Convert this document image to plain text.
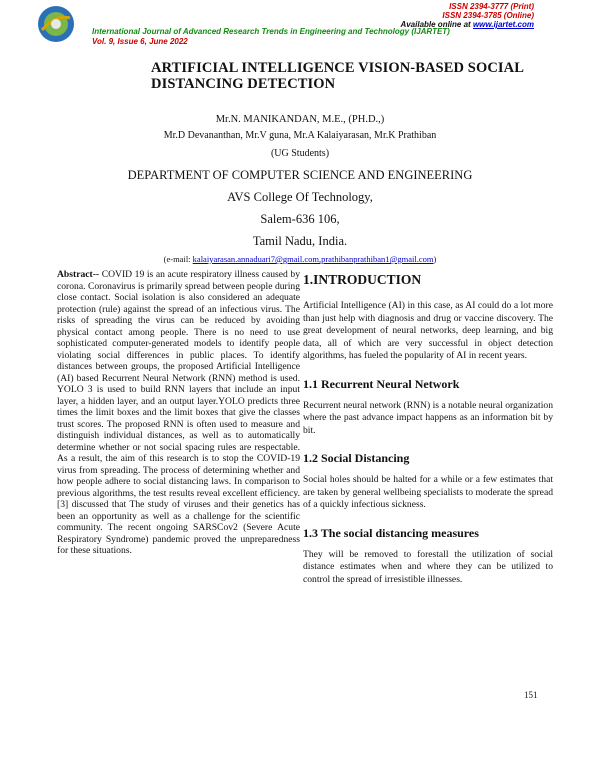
ISSN 2394-3777 (Print)
ISSN 2394-3785 (Online)
Available online at www.ijartet.com
International Journal of Advanced Research Trends in Engineering and Technology (IJARTET)
Vol. 9, Issue 6, June 2022
ARTIFICIAL INTELLIGENCE VISION-BASED SOCIAL DISTANCING DETECTION
Mr.N. MANIKANDAN, M.E., (PH.D.,)
Mr.D Devananthan, Mr.V guna, Mr.A Kalaiyarasan, Mr.K Prathiban
(UG Students)
DEPARTMENT OF COMPUTER SCIENCE AND ENGINEERING
AVS College Of Technology,
Salem-636 106,
Tamil Nadu, India.
(e-mail: kalaiyarasan.annaduari7@gmail.com,prathibanprathiban1@gmail.com)
Abstract-- COVID 19 is an acute respiratory illness caused by corona. Coronavirus is primarily spread between people during close contact. Social isolation is also considered an adequate protection (rule) against the spread of an infectious virus. The risks of spreading the virus can be reduced by avoiding physical contact among people. There is no need to use sophisticated computer-generated models to identify people violating social differences in public places. To identify distances between groups, the proposed Artificial Intelligence (AI) based Recurrent Neural Network (RNN) method is used. YOLO 3 is used to build RNN layers that include an input layer, a hidden layer, and an output layer.YOLO predicts three times the limit boxes and the limit boxes that give the classes trust scores. The proposed RNN is often used to measure and distinguish individual distances, as well as to automatically determine whether or not social spacing rules are respectable. As a result, the aim of this research is to stop the COVID-19 virus from spreading. The process of determining whether and how people adhere to social distancing laws. In comparison to previous algorithms, the test results reveal excellent efficiency. [3] discussed that The study of viruses and their genetics has been an opportunity as well as a challenge for the scientific community. The recent ongoing SARSCov2 (Severe Acute Respiratory Syndrome) pandemic proved the unpreparedness for these situations.
1.INTRODUCTION

Artificial Intelligence (AI) in this case, as AI could do a lot more than just help with diagnosis and drug or vaccine discovery. The great development of neural networks, deep learning, and big data, all of which are very successful in object detection algorithms, has fueled the popularity of AI in recent years.

1.1 Recurrent Neural Network

Recurrent neural network (RNN) is a notable neural organization where the past advance impact happens as an information bit by bit.

1.2 Social Distancing

Social holes should be halted for a while or a few estimates that are taken by general wellbeing specialists to moderate the spread of a quickly infectious sickness.

1.3 The social distancing measures

They will be removed to forestall the utilization of social distance estimates when and where they can be utilized to control the spread of irresistible illnesses.

151
